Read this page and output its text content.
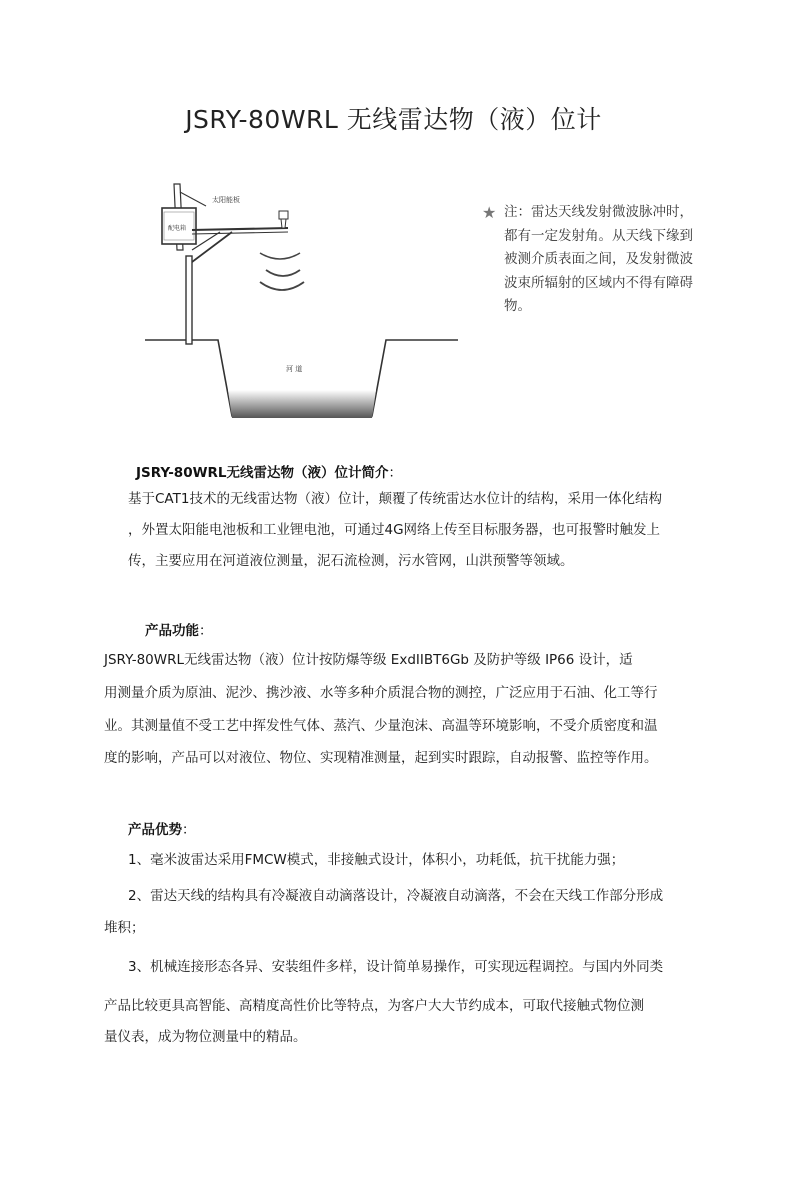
JSRY-80WRL 无线雷达物（液）位计
太阳能板
配电箱
河 道
★ 注：雷达天线发射微波脉冲时，都有一定发射角。从天线下缘到被测介质表面之间，及发射微波波束所辐射的区域内不得有障碍物。
JSRY-80WRL无线雷达物（液）位计简介：
基于CAT1技术的无线雷达物（液）位计，颠覆了传统雷达水位计的结构，采用一体化结构
，外置太阳能电池板和工业锂电池，可通过4G网络上传至目标服务器，也可报警时触发上
传，主要应用在河道液位测量，泥石流检测，污水管网，山洪预警等领域。
产品功能：
JSRY-80WRL无线雷达物（液）位计按防爆等级 ExdIIBT6Gb 及防护等级 IP66 设计，适
用测量介质为原油、泥沙、携沙液、水等多种介质混合物的测控，广泛应用于石油、化工等行
业。其测量值不受工艺中挥发性气体、蒸汽、少量泡沫、高温等环境影响，不受介质密度和温
度的影响，产品可以对液位、物位、实现精准测量，起到实时跟踪，自动报警、监控等作用。
产品优势：
1、毫米波雷达采用FMCW模式，非接触式设计，体积小，功耗低，抗干扰能力强；
2、雷达天线的结构具有冷凝液自动滴落设计，冷凝液自动滴落，不会在天线工作部分形成
堆积；
3、机械连接形态各异、安装组件多样，设计简单易操作，可实现远程调控。与国内外同类
产品比较更具高智能、高精度高性价比等特点，为客户大大节约成本，可取代接触式物位测
量仪表，成为物位测量中的精品。
